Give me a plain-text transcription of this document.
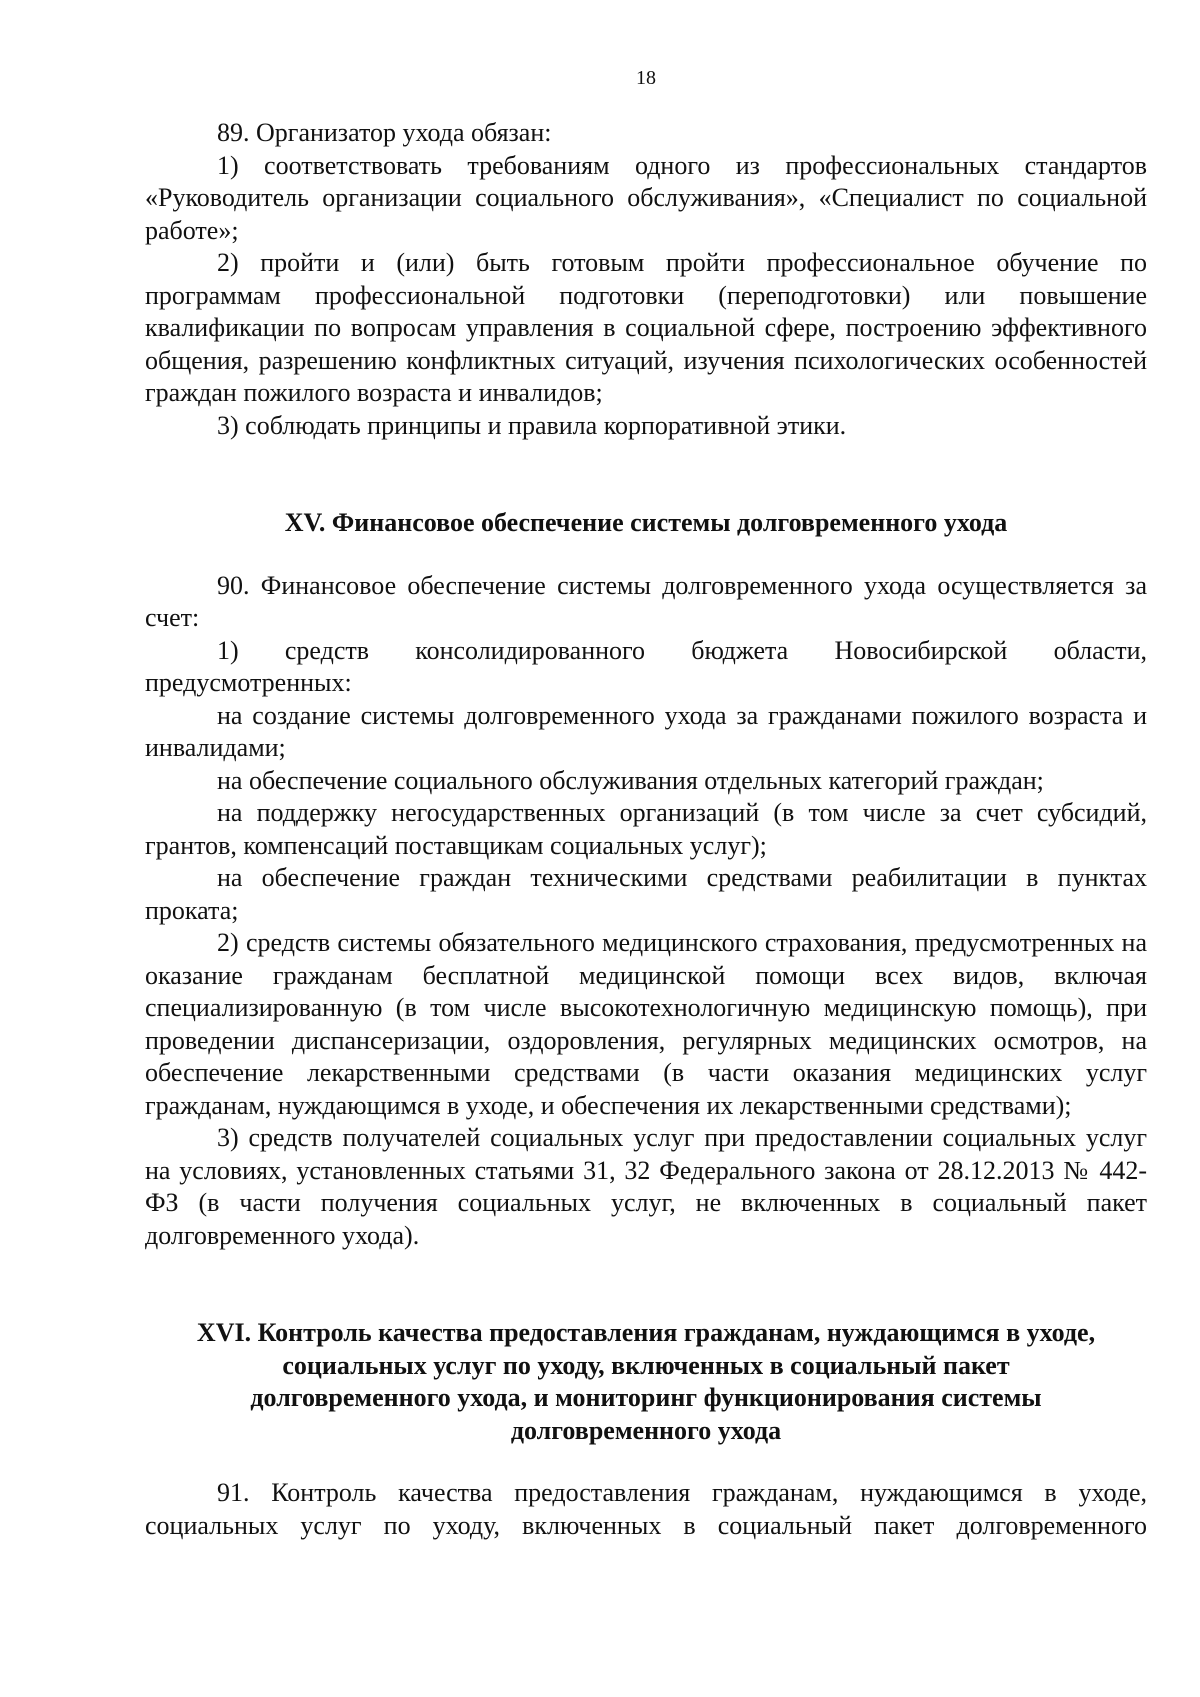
18

89. Организатор ухода обязан:

1) соответствовать требованиям одного из профессиональных стандартов «Руководитель организации социального обслуживания», «Специалист по социальной работе»;

2) пройти и (или) быть готовым пройти профессиональное обучение по программам профессиональной подготовки (переподготовки) или повышение квалификации по вопросам управления в социальной сфере, построению эффективного общения, разрешению конфликтных ситуаций, изучения психологических особенностей граждан пожилого возраста и инвалидов;

3) соблюдать принципы и правила корпоративной этики.

XV. Финансовое обеспечение системы долговременного ухода

90. Финансовое обеспечение системы долговременного ухода осуществляется за счет:

1) средств консолидированного бюджета Новосибирской области, предусмотренных:

на создание системы долговременного ухода за гражданами пожилого возраста и инвалидами;

на обеспечение социального обслуживания отдельных категорий граждан;

на поддержку негосударственных организаций (в том числе за счет субсидий, грантов, компенсаций поставщикам социальных услуг);

на обеспечение граждан техническими средствами реабилитации в пунктах проката;

2) средств системы обязательного медицинского страхования, предусмотренных на оказание гражданам бесплатной медицинской помощи всех видов, включая специализированную (в том числе высокотехнологичную медицинскую помощь), при проведении диспансеризации, оздоровления, регулярных медицинских осмотров, на обеспечение лекарственными средствами (в части оказания медицинских услуг гражданам, нуждающимся в уходе, и обеспечения их лекарственными средствами);

3) средств получателей социальных услуг при предоставлении социальных услуг на условиях, установленных статьями 31, 32 Федерального закона от 28.12.2013 № 442-ФЗ (в части получения социальных услуг, не включенных в социальный пакет долговременного ухода).

XVI. Контроль качества предоставления гражданам, нуждающимся в уходе,
социальных услуг по уходу, включенных в социальный пакет
долговременного ухода, и мониторинг функционирования системы
долговременного ухода

91. Контроль качества предоставления гражданам, нуждающимся в уходе,

социальных услуг по уходу, включенных в социальный пакет долговременного
